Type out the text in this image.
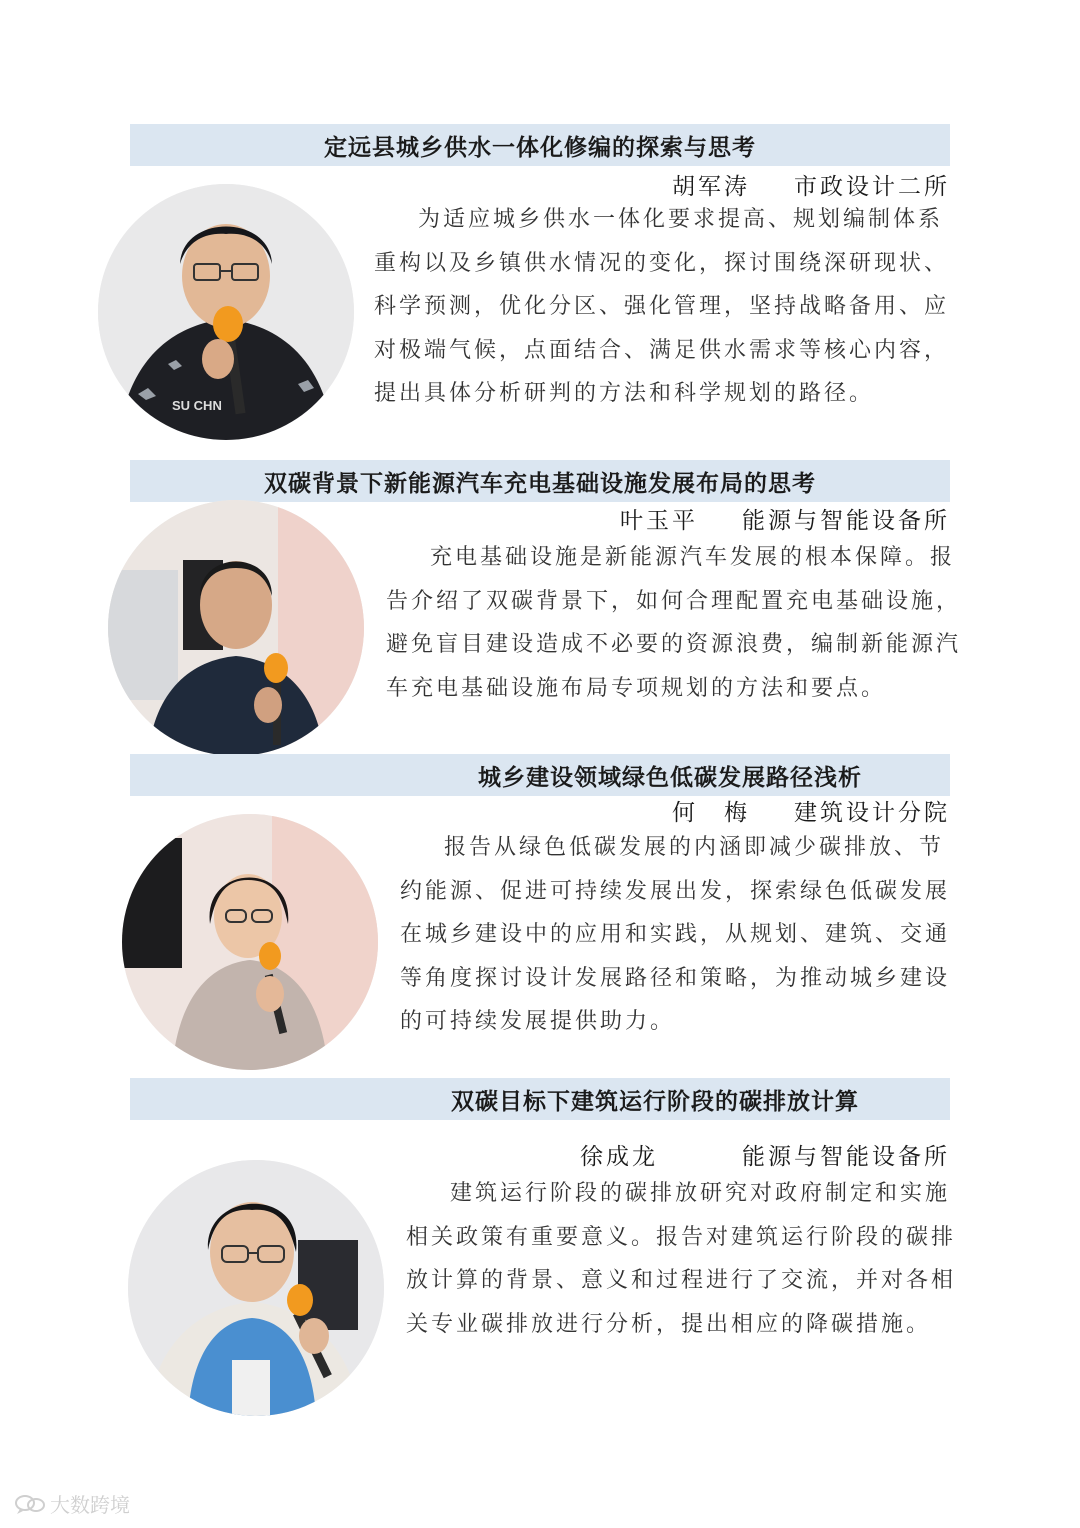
定远县城乡供水一体化修编的探索与思考
胡军涛 市政设计二所
SU CHN
为适应城乡供水一体化要求提高、规划编制体系重构以及乡镇供水情况的变化，探讨围绕深研现状、科学预测，优化分区、强化管理，坚持战略备用、应对极端气候，点面结合、满足供水需求等核心内容，提出具体分析研判的方法和科学规划的路径。
双碳背景下新能源汽车充电基础设施发展布局的思考
叶玉平 能源与智能设备所
充电基础设施是新能源汽车发展的根本保障。报告介绍了双碳背景下，如何合理配置充电基础设施，避免盲目建设造成不必要的资源浪费，编制新能源汽车充电基础设施布局专项规划的方法和要点。
城乡建设领域绿色低碳发展路径浅析
何　梅 建筑设计分院
报告从绿色低碳发展的内涵即减少碳排放、节约能源、促进可持续发展出发，探索绿色低碳发展在城乡建设中的应用和实践，从规划、建筑、交通等角度探讨设计发展路径和策略，为推动城乡建设的可持续发展提供助力。
双碳目标下建筑运行阶段的碳排放计算
徐成龙	能源与智能设备所
建筑运行阶段的碳排放研究对政府制定和实施相关政策有重要意义。报告对建筑运行阶段的碳排放计算的背景、意义和过程进行了交流，并对各相关专业碳排放进行分析，提出相应的降碳措施。
大数跨境
